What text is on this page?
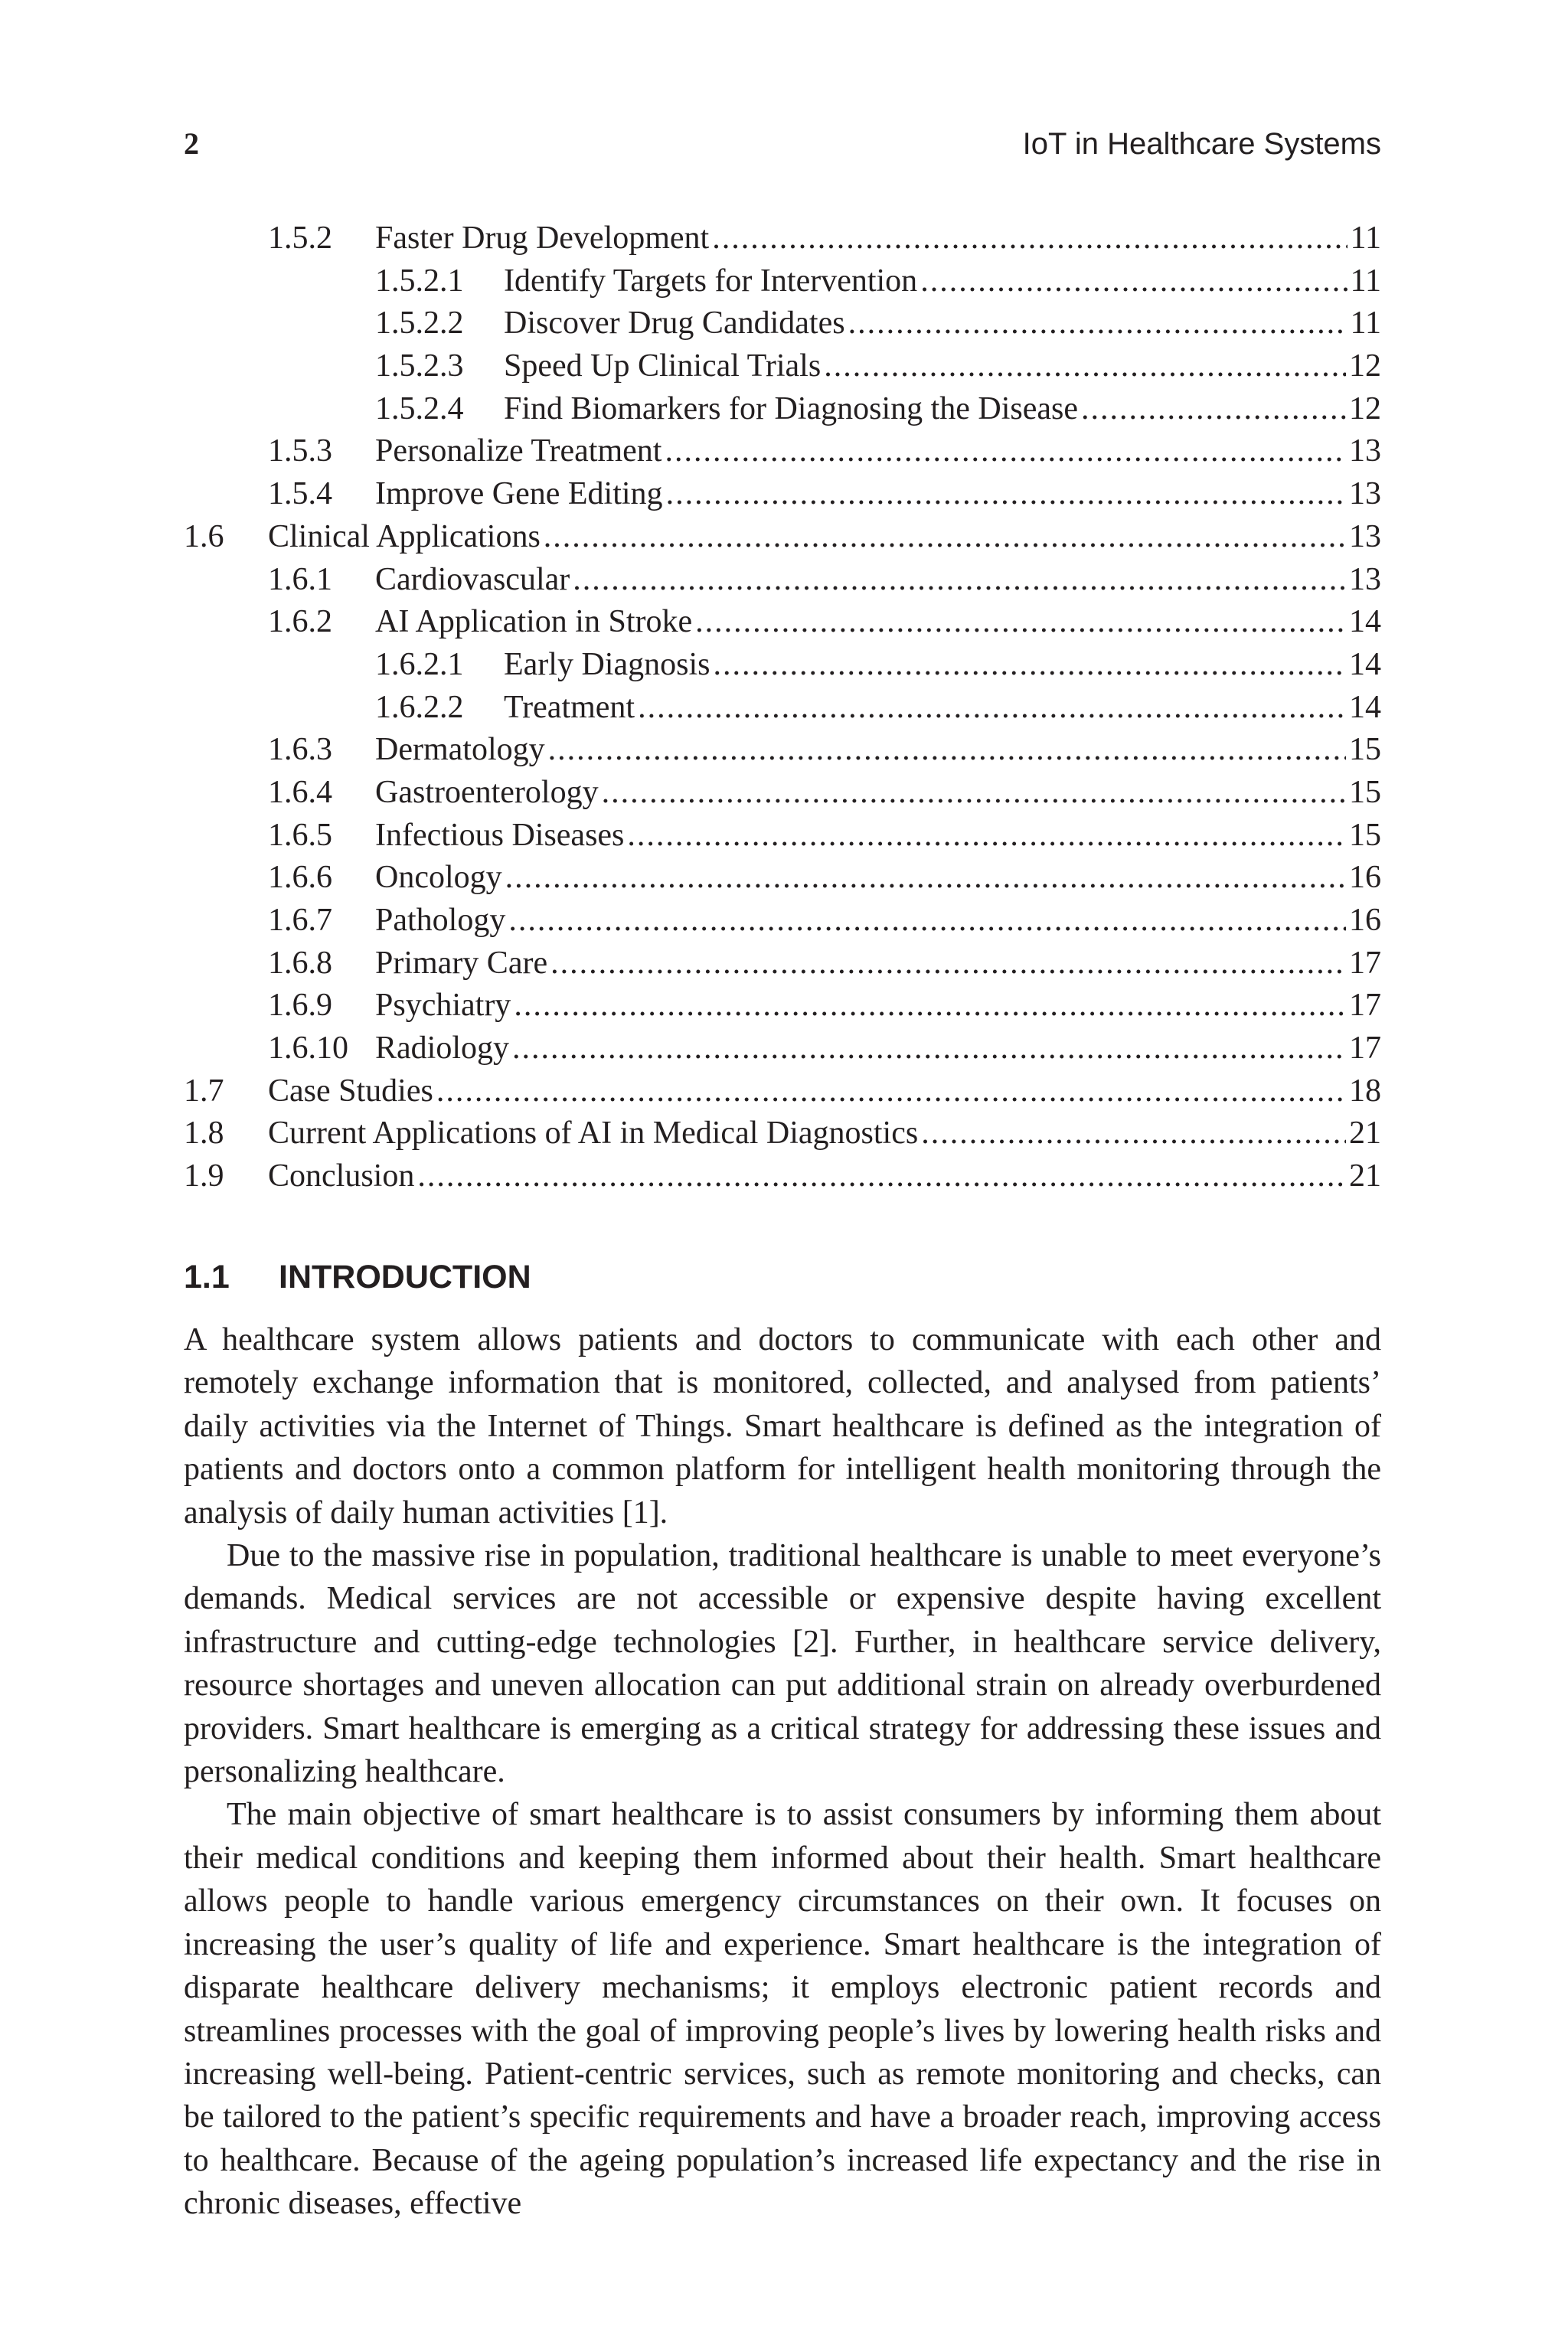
2	IoT in Healthcare Systems
1.5.2 Faster Drug Development .....	11
1.5.2.1 Identify Targets for Intervention .....	11
1.5.2.2 Discover Drug Candidates .....	11
1.5.2.3 Speed Up Clinical Trials .....	12
1.5.2.4 Find Biomarkers for Diagnosing the Disease .....	12
1.5.3 Personalize Treatment .....	13
1.5.4 Improve Gene Editing .....	13
1.6 Clinical Applications .....	13
1.6.1 Cardiovascular .....	13
1.6.2 AI Application in Stroke .....	14
1.6.2.1 Early Diagnosis .....	14
1.6.2.2 Treatment .....	14
1.6.3 Dermatology .....	15
1.6.4 Gastroenterology .....	15
1.6.5 Infectious Diseases .....	15
1.6.6 Oncology .....	16
1.6.7 Pathology .....	16
1.6.8 Primary Care .....	17
1.6.9 Psychiatry .....	17
1.6.10 Radiology .....	17
1.7 Case Studies .....	18
1.8 Current Applications of AI in Medical Diagnostics .....	21
1.9 Conclusion .....	21
1.1 INTRODUCTION

A healthcare system allows patients and doctors to communicate with each other and remotely exchange information that is monitored, collected, and analysed from patients’ daily activities via the Internet of Things. Smart healthcare is defined as the integration of patients and doctors onto a common platform for intelligent health monitoring through the analysis of daily human activities [1].

Due to the massive rise in population, traditional healthcare is unable to meet everyone’s demands. Medical services are not accessible or expensive despite having excellent infrastructure and cutting-edge technologies [2]. Further, in healthcare service delivery, resource shortages and uneven allocation can put additional strain on already overburdened providers. Smart healthcare is emerging as a critical strategy for addressing these issues and personalizing healthcare.

The main objective of smart healthcare is to assist consumers by informing them about their medical conditions and keeping them informed about their health. Smart healthcare allows people to handle various emergency circumstances on their own. It focuses on increasing the user’s quality of life and experience. Smart healthcare is the integration of disparate healthcare delivery mechanisms; it employs electronic patient records and streamlines processes with the goal of improving people’s lives by lowering health risks and increasing well-being. Patient-centric services, such as remote monitoring and checks, can be tailored to the patient’s specific requirements and have a broader reach, improving access to healthcare. Because of the ageing population’s increased life expectancy and the rise in chronic diseases, effective
